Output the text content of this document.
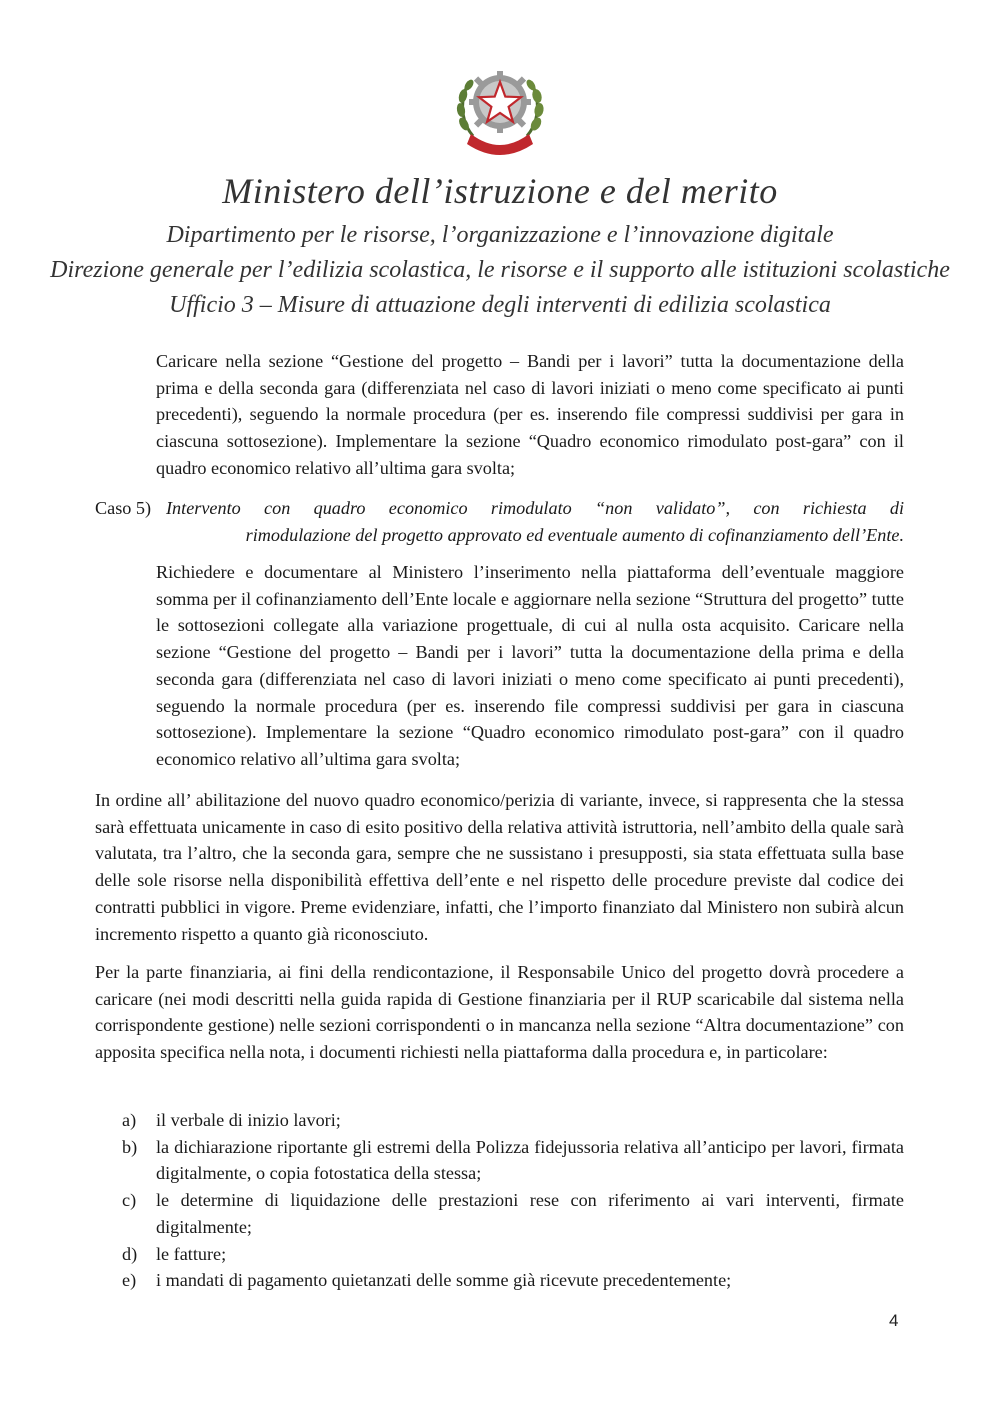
Ministero dell’istruzione e del merito
Dipartimento per le risorse, l’organizzazione e l’innovazione digitale
Direzione generale per l’edilizia scolastica, le risorse e il supporto alle istituzioni scolastiche
Ufficio 3 – Misure di attuazione degli interventi di edilizia scolastica
Caricare nella sezione “Gestione del progetto – Bandi per i lavori” tutta la documentazione della prima e della seconda gara (differenziata nel caso di lavori iniziati o meno come specificato ai punti precedenti), seguendo la normale procedura (per es. inserendo file compressi suddivisi per gara in ciascuna sottosezione). Implementare la sezione “Quadro economico rimodulato post-gara” con il quadro economico relativo all’ultima gara svolta;
Caso 5) Intervento con quadro economico rimodulato “non validato”, con richiesta di
rimodulazione del progetto approvato ed eventuale aumento di cofinanziamento dell’Ente.
Richiedere e documentare al Ministero l’inserimento nella piattaforma dell’eventuale maggiore somma per il cofinanziamento dell’Ente locale e aggiornare nella sezione “Struttura del progetto” tutte le sottosezioni collegate alla variazione progettuale, di cui al nulla osta acquisito. Caricare nella sezione “Gestione del progetto – Bandi per i lavori” tutta la documentazione della prima e della seconda gara (differenziata nel caso di lavori iniziati o meno come specificato ai punti precedenti), seguendo la normale procedura (per es. inserendo file compressi suddivisi per gara in ciascuna sottosezione). Implementare la sezione “Quadro economico rimodulato post-gara” con il quadro economico relativo all’ultima gara svolta;
In ordine all’ abilitazione del nuovo quadro economico/perizia di variante, invece, si rappresenta che la stessa sarà effettuata unicamente in caso di esito positivo della relativa attività istruttoria, nell’ambito della quale sarà valutata, tra l’altro, che la seconda gara, sempre che ne sussistano i presupposti, sia stata effettuata sulla base delle sole risorse nella disponibilità effettiva dell’ente e nel rispetto delle procedure previste dal codice dei contratti pubblici in vigore. Preme evidenziare, infatti, che l’importo finanziato dal Ministero non subirà alcun incremento rispetto a quanto già riconosciuto.
Per la parte finanziaria, ai fini della rendicontazione, il Responsabile Unico del progetto dovrà procedere a caricare (nei modi descritti nella guida rapida di Gestione finanziaria per il RUP scaricabile dal sistema nella corrispondente gestione) nelle sezioni corrispondenti o in mancanza nella sezione “Altra documentazione” con apposita specifica nella nota, i documenti richiesti nella piattaforma dalla procedura e, in particolare:
a) il verbale di inizio lavori;
b) la dichiarazione riportante gli estremi della Polizza fidejussoria relativa all’anticipo per lavori, firmata digitalmente, o copia fotostatica della stessa;
c) le determine di liquidazione delle prestazioni rese con riferimento ai vari interventi, firmate digitalmente;
d) le fatture;
e) i mandati di pagamento quietanzati delle somme già ricevute precedentemente;
4
